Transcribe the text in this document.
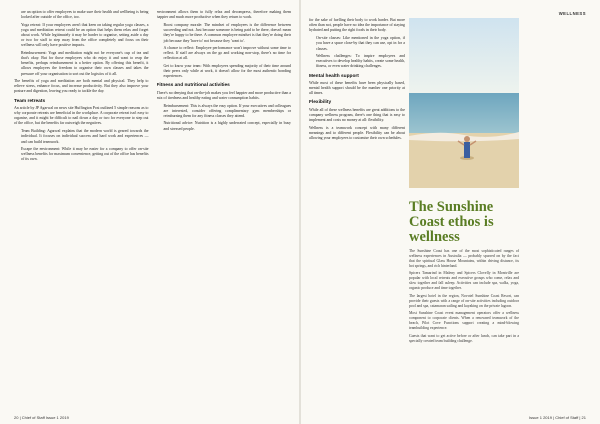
• are an option to offer employees to make sure their health and wellbeing is being looked after outside of the office, too.
• Yoga retreat: If your employees aren't that keen on taking regular yoga classes, a yoga and meditation retreat could be an option that helps them relax and forget about work. While legitimately it may be harder to organise, setting aside a day or two for staff to step away from the office completely and focus on their wellness will only have positive impacts.
• Reimbursement: Yoga and meditation might not be everyone's cup of tea and that's okay. But for those employees who do enjoy it and want to reap the benefits, perhaps reimbursement is a better option. By offering this benefit, it allows employees the freedom to organise their own classes and takes the pressure off your organisation to sort out the logistics of it all.

The benefits of yoga and meditation are both mental and physical. They help to relieve stress, enhance focus, and increase productivity. But they also improve your posture and digestion, leaving you ready to tackle the day.

Team retreats

An article by JP Agarwal on news site Huffington Post outlined 5 simple reasons as to why corporate retreats are beneficial in the workplace. A corporate retreat isn't easy to organise, and it might be difficult to nail down a day or two for everyone to step out of the office, but the benefits far outweigh the negatives.

• Team Building: Agarwal explains that the modern world is geared towards the individual. It focuses on individual success and hard work and experiences — and can build teamwork.
• Escape the environment: While it may be easier for a company to offer on-site wellness benefits for maximum convenience, getting out of the office has benefits of its own.

environment allows them to fully relax and decompress, therefore making them happier and much more productive when they return to work.

• Boost company morale: The mindset of employees is the difference between succeeding and not. Just because someone is being paid to be there, doesn't mean they're happy to be there. A common employee mindset is that they're doing their job because they 'have to' not because they 'want to'.
• A chance to reflect: Employee performance won't improve without some time to reflect. If staff are always on the go and working non-stop, there's no time for reflection at all.
• Get to know your team: With employees spending majority of their time around their peers only while at work, it doesn't allow for the most authentic bonding experiences.
Fitness and nutritional activities

There's no denying that on-the-job makes you feel happier and more productive than a mix of tiredness and healthy eating and water consumption habits.

• Reimbursement: This is always the easy option. If your executives and colleagues are interested, consider offering complimentary gym memberships or reimbursing them for any fitness classes they attend.
• Nutritional advice: Nutrition is a highly underrated concept, especially in busy and stressed people.
20 | Chief of Staff Issue 1 2019
WELLNESS

for the sake of fuelling their body to work harder. But more often than not, people have no idea the importance of staying hydrated and putting the right foods in their body.

• On-site classes: Like mentioned in the yoga option, if you have a space close-by that they can use, opt in for a classes.
• Wellness challenges: To inspire employees and executives to develop healthy habits, create some health, fitness, or even water drinking challenges.
Mental health support

While most of these benefits have been physically based, mental health support should be the number one priority at all times.

Flexibility

While all of these wellness benefits are great additions to the company wellness program, there's one thing that is easy to implement and costs no money at all: flexibility.

Wellness is a teamwork concept with many different meanings and to different people. Flexibility can be about allowing your employees to customise their own schedules.

The Sunshine Coast ethos is wellness

The Sunshine Coast has one of the most sophisticated ranges of wellness experiences in Australia — probably spurred on by the fact that the spiritual Glass House Mountains, within driving distance, its hot springs, and rich hinterland.

Spicers Tamarind in Maleny and Spicers Clovelly in Montville are popular with local retreats and executive groups who come, relax and slow together and fall asleep. Activities can include spa, walks, yoga, organic produce and time together.

The largest hotel in the region, Novotel Sunshine Coast Resort, can provide their guests with a range of on-site activities including outdoor pool and spa, catamaran sailing and kayaking on the private lagoon.

Most Sunshine Coast event management operators offer a wellness component to corporate clients. When a renowned teamwork of the beach, Pilot Cove Functions support creating a mind-blowing teambuilding experience.

Guests that want to get active before or after lunch, can take part in a specially created team building challenge.

Issue 1 2019 | Chief of Staff | 21
